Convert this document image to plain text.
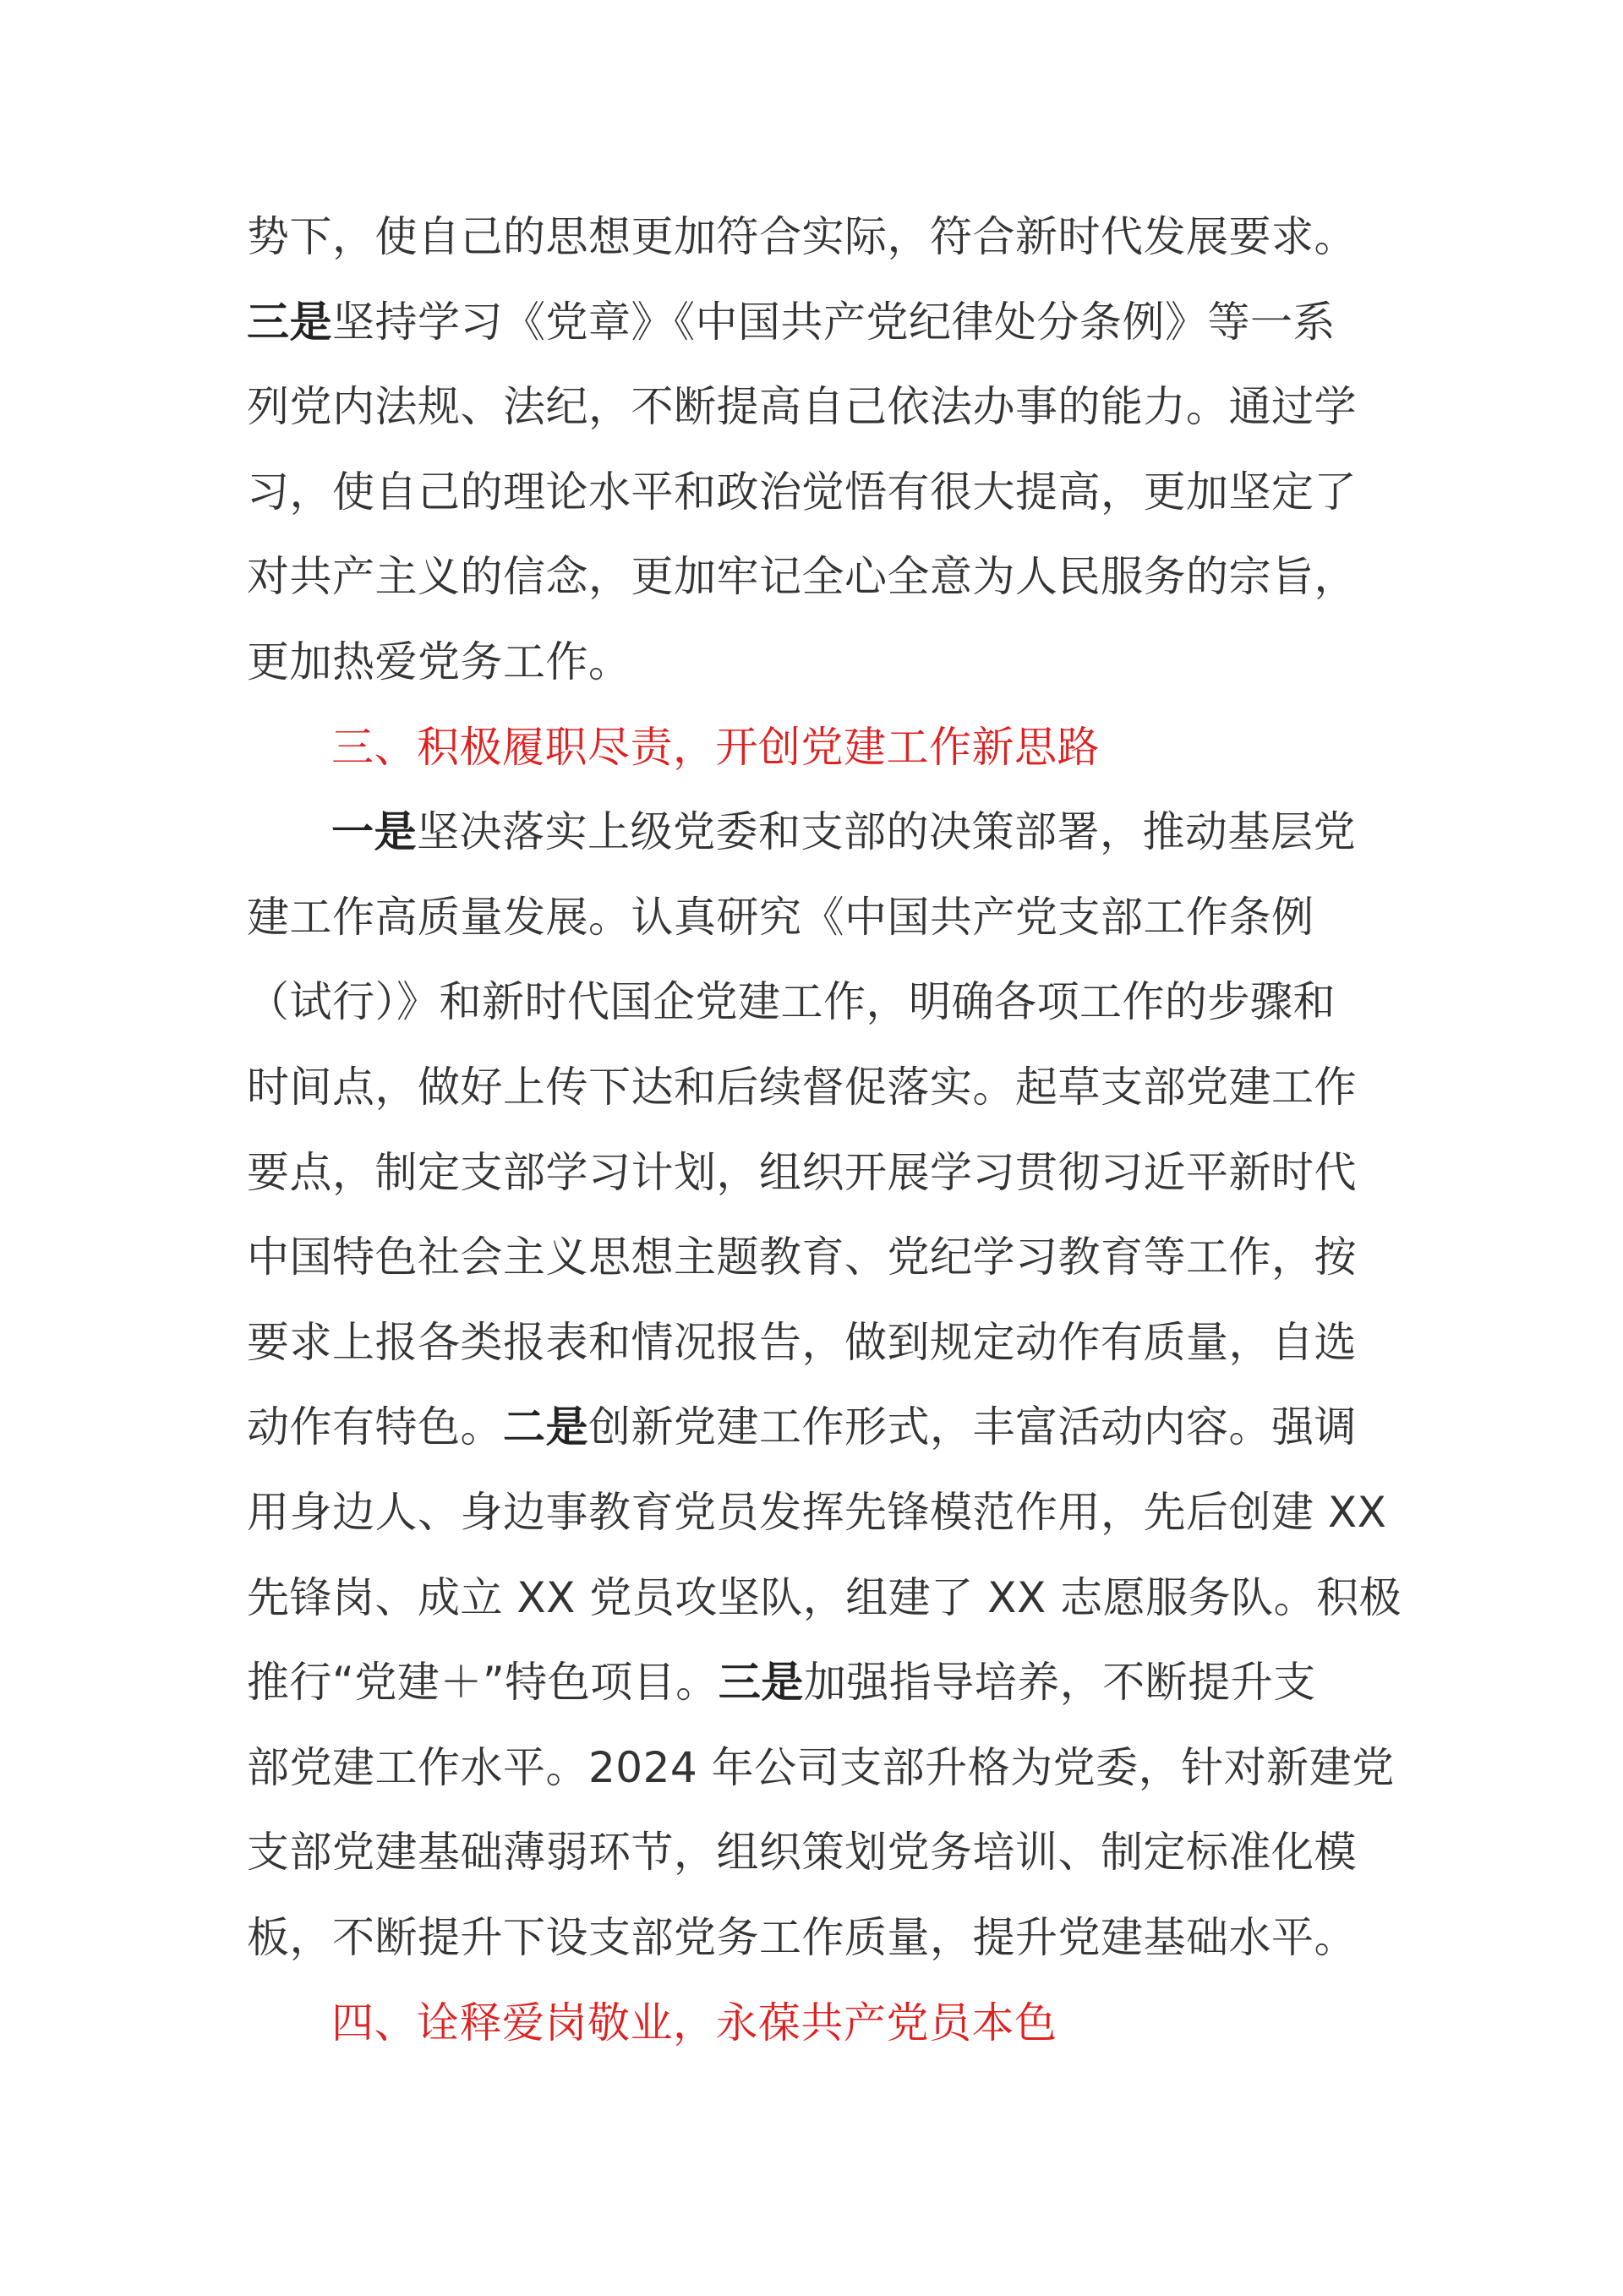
势下，使自己的思想更加符合实际，符合新时代发展要求。
三是坚持学习《党章》《中国共产党纪律处分条例》等一系
列党内法规、法纪，不断提高自己依法办事的能力。通过学
习，使自己的理论水平和政治觉悟有很大提高，更加坚定了
对共产主义的信念，更加牢记全心全意为人民服务的宗旨，
更加热爱党务工作。
三、积极履职尽责，开创党建工作新思路
一是坚决落实上级党委和支部的决策部署，推动基层党
建工作高质量发展。认真研究《中国共产党支部工作条例
（试行）》和新时代国企党建工作，明确各项工作的步骤和
时间点，做好上传下达和后续督促落实。起草支部党建工作
要点，制定支部学习计划，组织开展学习贯彻习近平新时代
中国特色社会主义思想主题教育、党纪学习教育等工作，按
要求上报各类报表和情况报告，做到规定动作有质量，自选
动作有特色。二是创新党建工作形式，丰富活动内容。强调
用身边人、身边事教育党员发挥先锋模范作用，先后创建 XX
先锋岗、成立 XX 党员攻坚队，组建了 XX 志愿服务队。积极
推行“党建＋”特色项目。三是加强指导培养，不断提升支
部党建工作水平。2024 年公司支部升格为党委，针对新建党
支部党建基础薄弱环节，组织策划党务培训、制定标准化模
板，不断提升下设支部党务工作质量，提升党建基础水平。
四、诠释爱岗敬业，永葆共产党员本色
